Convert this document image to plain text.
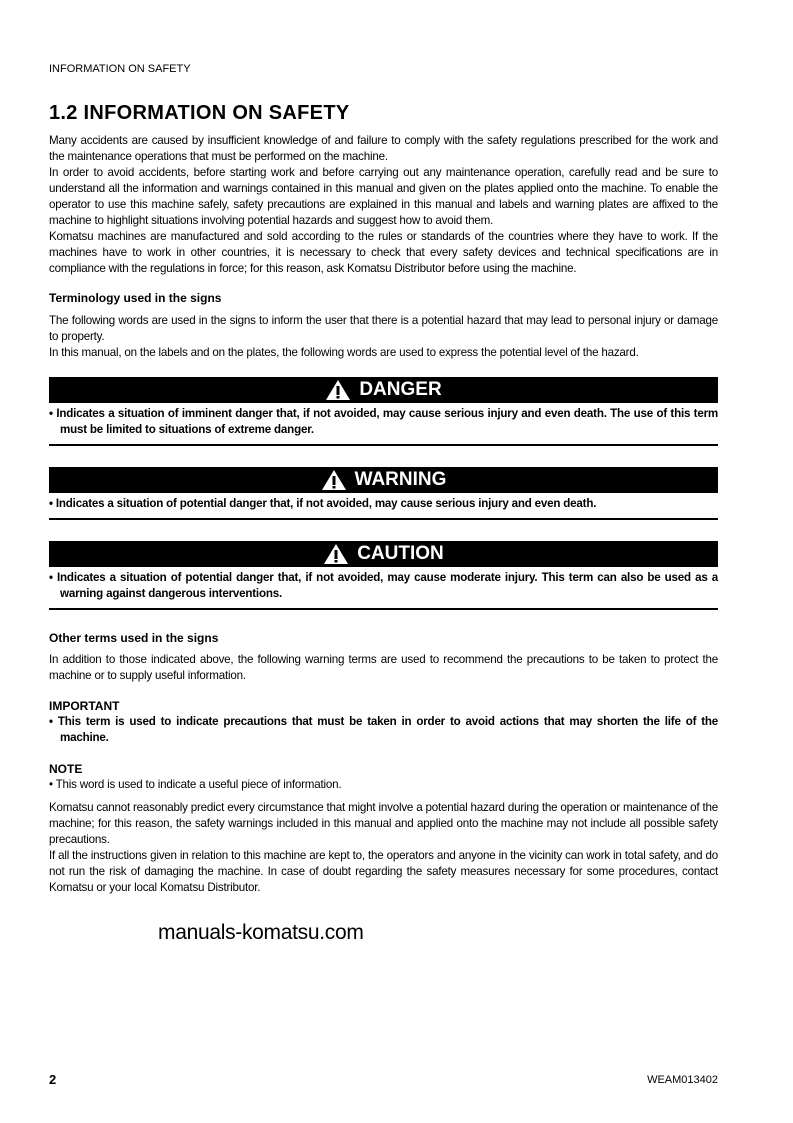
INFORMATION ON SAFETY
1.2 INFORMATION ON SAFETY

Many accidents are caused by insufficient knowledge of and failure to comply with the safety regulations prescribed for the work and the maintenance operations that must be performed on the machine.

In order to avoid accidents, before starting work and before carrying out any maintenance operation, carefully read and be sure to understand all the information and warnings contained in this manual and given on the plates applied onto the machine. To enable the operator to use this machine safely, safety precautions are explained in this manual and labels and warning plates are affixed to the machine to highlight situations involving potential hazards and suggest how to avoid them.

Komatsu machines are manufactured and sold according to the rules or standards of the countries where they have to work. If the machines have to work in other countries, it is necessary to check that every safety devices and technical specifications are in compliance with the regulations in force; for this reason, ask Komatsu Distributor before using the machine.

Terminology used in the signs

The following words are used in the signs to inform the user that there is a potential hazard that may lead to personal injury or damage to property.

In this manual, on the labels and on the plates, the following words are used to express the potential level of the hazard.

DANGER

• Indicates a situation of imminent danger that, if not avoided, may cause serious injury and even death. The use of this term must be limited to situations of extreme danger.

WARNING

• Indicates a situation of potential danger that, if not avoided, may cause serious injury and even death.

CAUTION

• Indicates a situation of potential danger that, if not avoided, may cause moderate injury. This term can also be used as a warning against dangerous interventions.

Other terms used in the signs

In addition to those indicated above, the following warning terms are used to recommend the precautions to be taken to protect the machine or to supply useful information.

IMPORTANT

• This term is used to indicate precautions that must be taken in order to avoid actions that may shorten the life of the machine.

NOTE

• This word is used to indicate a useful piece of information.

Komatsu cannot reasonably predict every circumstance that might involve a potential hazard during the operation or maintenance of the machine; for this reason, the safety warnings included in this manual and applied onto the machine may not include all possible safety precautions.

If all the instructions given in relation to this machine are kept to, the operators and anyone in the vicinity can work in total safety, and do not run the risk of damaging the machine. In case of doubt regarding the safety measures necessary for some procedures, contact Komatsu or your local Komatsu Distributor.

manuals-komatsu.com
2	WEAM013402
